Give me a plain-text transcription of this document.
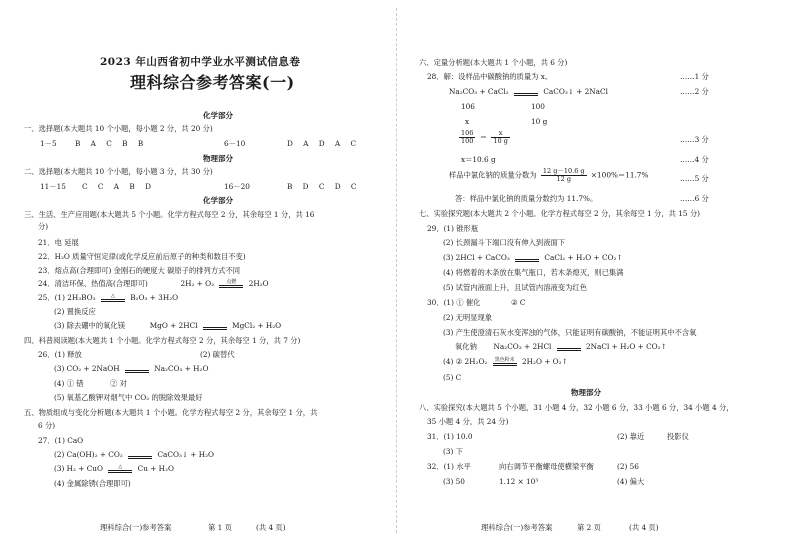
2023 年山西省初中学业水平测试信息卷
理科综合参考答案(一)
化学部分
一、选择题(本大题共 10 个小题，每小题 2 分，共 20 分)
1－5	B A C B B	6－10	D A D A C
物理部分
二、选择题(本大题共 10 个小题，每小题 3 分，共 30 分)
11－15 C C A B D	16－20	B D C D C
化学部分
三、生活、生产应用题(本大题共 5 个小题。化学方程式每空 2 分，其余每空 1 分，共 16
分)
21．电 延展
22．H₂O 质量守恒定律(或化学反应前后原子的种类和数目不变)
23．熔点高(合理即可) 金刚石的硬度大 碳原子的排列方式不同
24．清洁环保、热值高(合理即可)	2H₂ + O₂	点燃	2H₂O
25．(1) 2H₃BO₃	△	B₂O₃ + 3H₂O
(2) 置换反应
(3) 除去硼中的氧化镁	MgO + 2HCl
	MgCl₂ + H₂O
四、科普阅读题(本大题共 1 个小题。化学方程式每空 2 分，其余每空 1 分，共 7 分)
26．(1) 释放	(2) 碳替代
(3) CO₂ + 2NaOH
	Na₂CO₃ + H₂O
(4) ① 错	② 对
(5) 氧基乙酸钾对烟气中 CO₂ 的脱除效果最好
五、物质组成与变化分析题(本大题共 1 个小题。化学方程式每空 2 分，其余每空 1 分，共
6 分)
27．(1) CaO
(2) Ca(OH)₂ + CO₂
	CaCO₃↓ + H₂O
(3) H₂ + CuO	△	Cu + H₂O
(4) 金属除锈(合理即可)
理科综合(一)参考答案	第 1 页	(共 4 页)
六、定量分析题(本大题共 1 个小题，共 6 分)
28．解：设样品中碳酸钠的质量为 x。	……1 分
Na₂CO₃ + CaCl₂
	CaCO₃↓ + 2NaCl	……2 分
106	100
x	10 g
$\frac{106}{100} = \frac{x}{10 g}$	……3 分
x＝10.6 g	……4 分
样品中氯化钠的质量分数为 $\frac{12 g-10.6 g}{12 g} \times 100\%=11.7\%$	……5 分
答：样品中氯化钠的质量分数约为 11.7%。	……6 分
七、实验探究题(本大题共 2 个小题。化学方程式每空 2 分，其余每空 1 分，共 15 分)
29．(1) 锥形瓶
(2) 长颈漏斗下端口没有伸入到液面下
(3) 2HCl + CaCO₃
	CaCl₂ + H₂O + CO₂↑
(4) 将燃着的木条放在集气瓶口，若木条熄灭，则已集满
(5) 试管内液面上升，且试管内溶液变为红色
30．(1) ① 催化	② C
(2) 无明显现象
(3) 产生使澄清石灰水变浑浊的气体，只能证明有碳酸钠，不能证明其中不含氧
氧化钠 Na₂CO₃ + 2HCl
	2NaCl + H₂O + CO₂↑
(4) ② 2H₂O₂	黑色粉末 2H₂O + O₂↑
(5) C
物理部分
八、实验探究(本大题共 5 个小题，31 小题 4 分，32 小题 6 分，33 小题 6 分，34 小题 4 分，
35 小题 4 分，共 24 分)
31．(1) 10.0	(2) 靠近	投影仪
(3) 下
32．(1) 水平	向右调节平衡螺母使横梁平衡	(2) 56
(3) 50	1.12 × 10³	(4) 偏大
理科综合(一)参考答案	第 2 页	(共 4 页)
